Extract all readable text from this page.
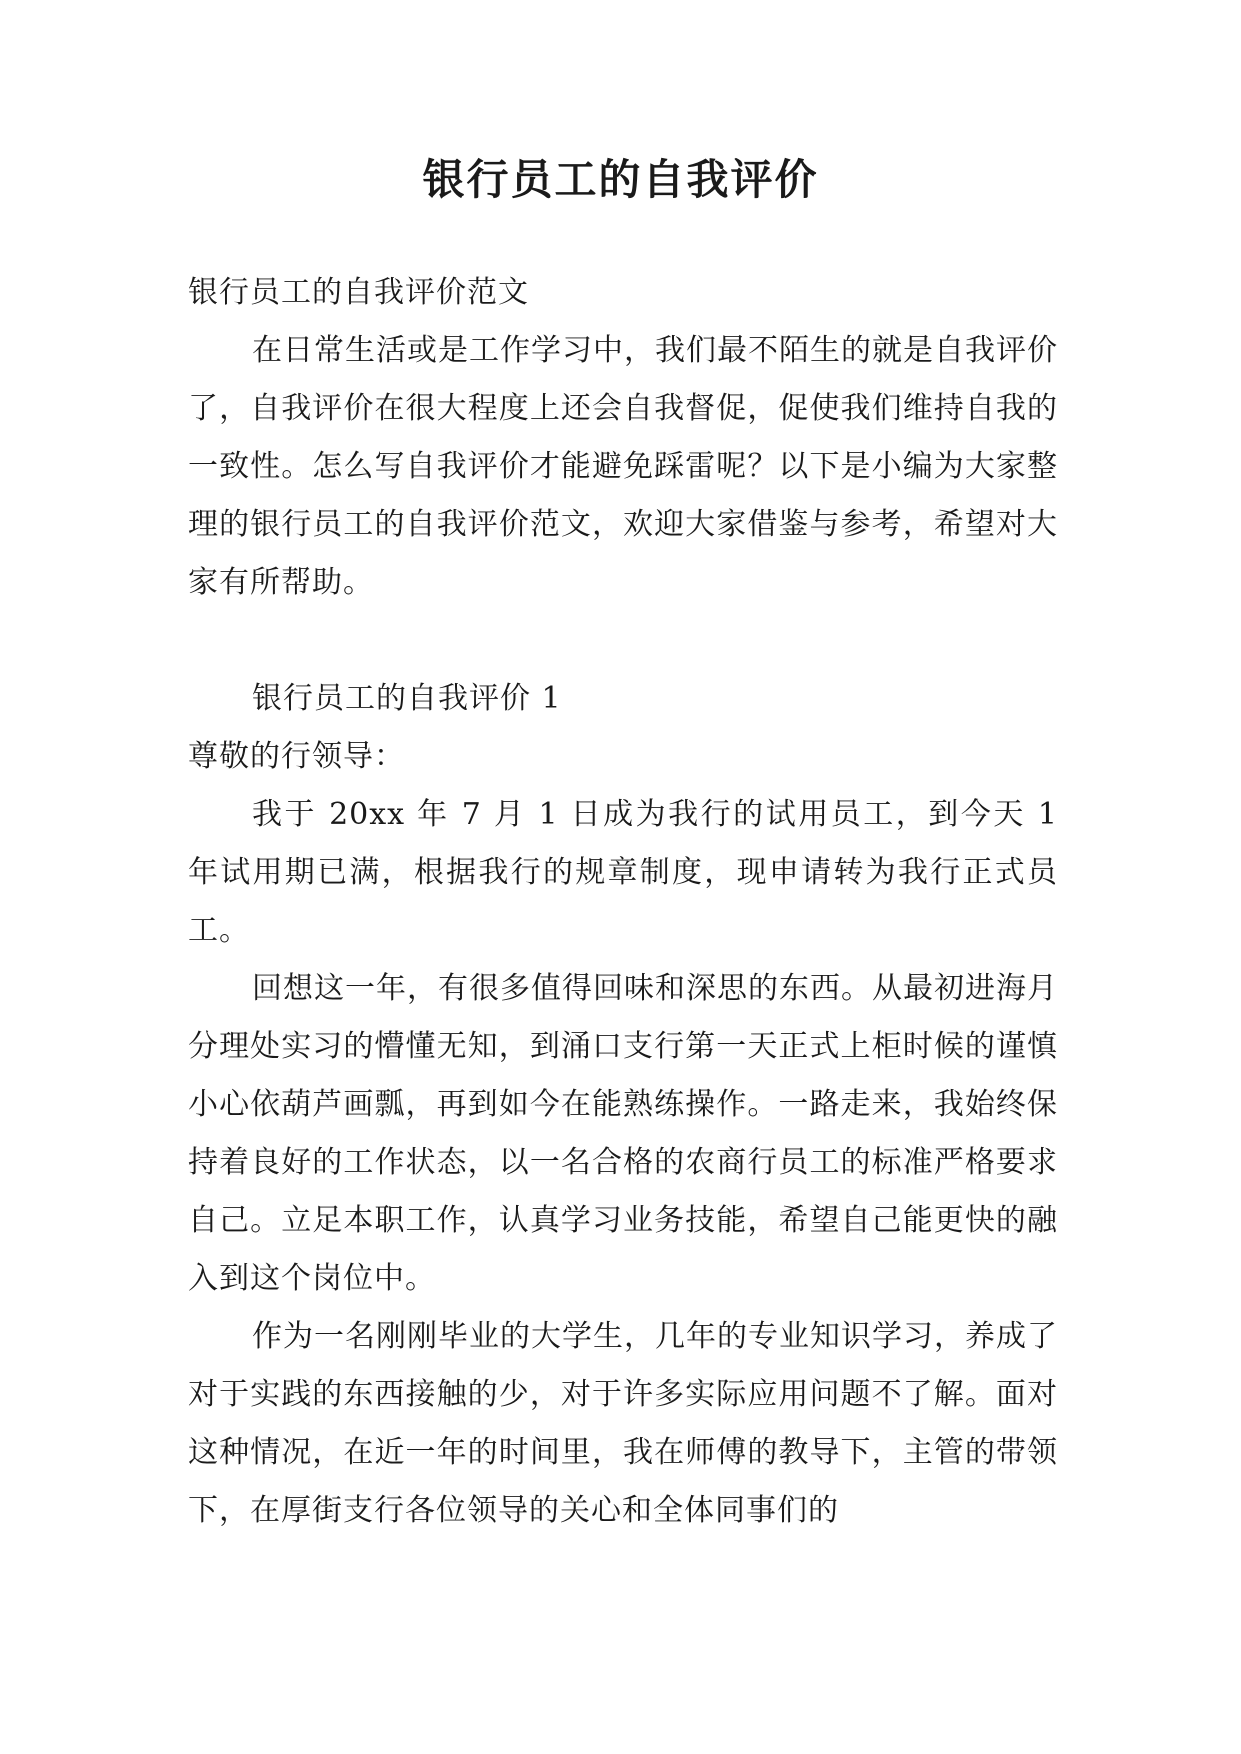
银行员工的自我评价

银行员工的自我评价范文

在日常生活或是工作学习中，我们最不陌生的就是自我评价了，自我评价在很大程度上还会自我督促，促使我们维持自我的一致性。怎么写自我评价才能避免踩雷呢？以下是小编为大家整理的银行员工的自我评价范文，欢迎大家借鉴与参考，希望对大家有所帮助。

银行员工的自我评价 1

尊敬的行领导：

我于 20xx 年 7 月 1 日成为我行的试用员工，到今天 1 年试用期已满，根据我行的规章制度，现申请转为我行正式员工。

回想这一年，有很多值得回味和深思的东西。从最初进海月分理处实习的懵懂无知，到涌口支行第一天正式上柜时候的谨慎小心依葫芦画瓢，再到如今在能熟练操作。一路走来，我始终保持着良好的工作状态，以一名合格的农商行员工的标准严格要求自己。立足本职工作，认真学习业务技能，希望自己能更快的融入到这个岗位中。

作为一名刚刚毕业的大学生，几年的专业知识学习，养成了对于实践的东西接触的少，对于许多实际应用问题不了解。面对这种情况，在近一年的时间里，我在师傅的教导下，主管的带领下，在厚街支行各位领导的关心和全体同事们的
